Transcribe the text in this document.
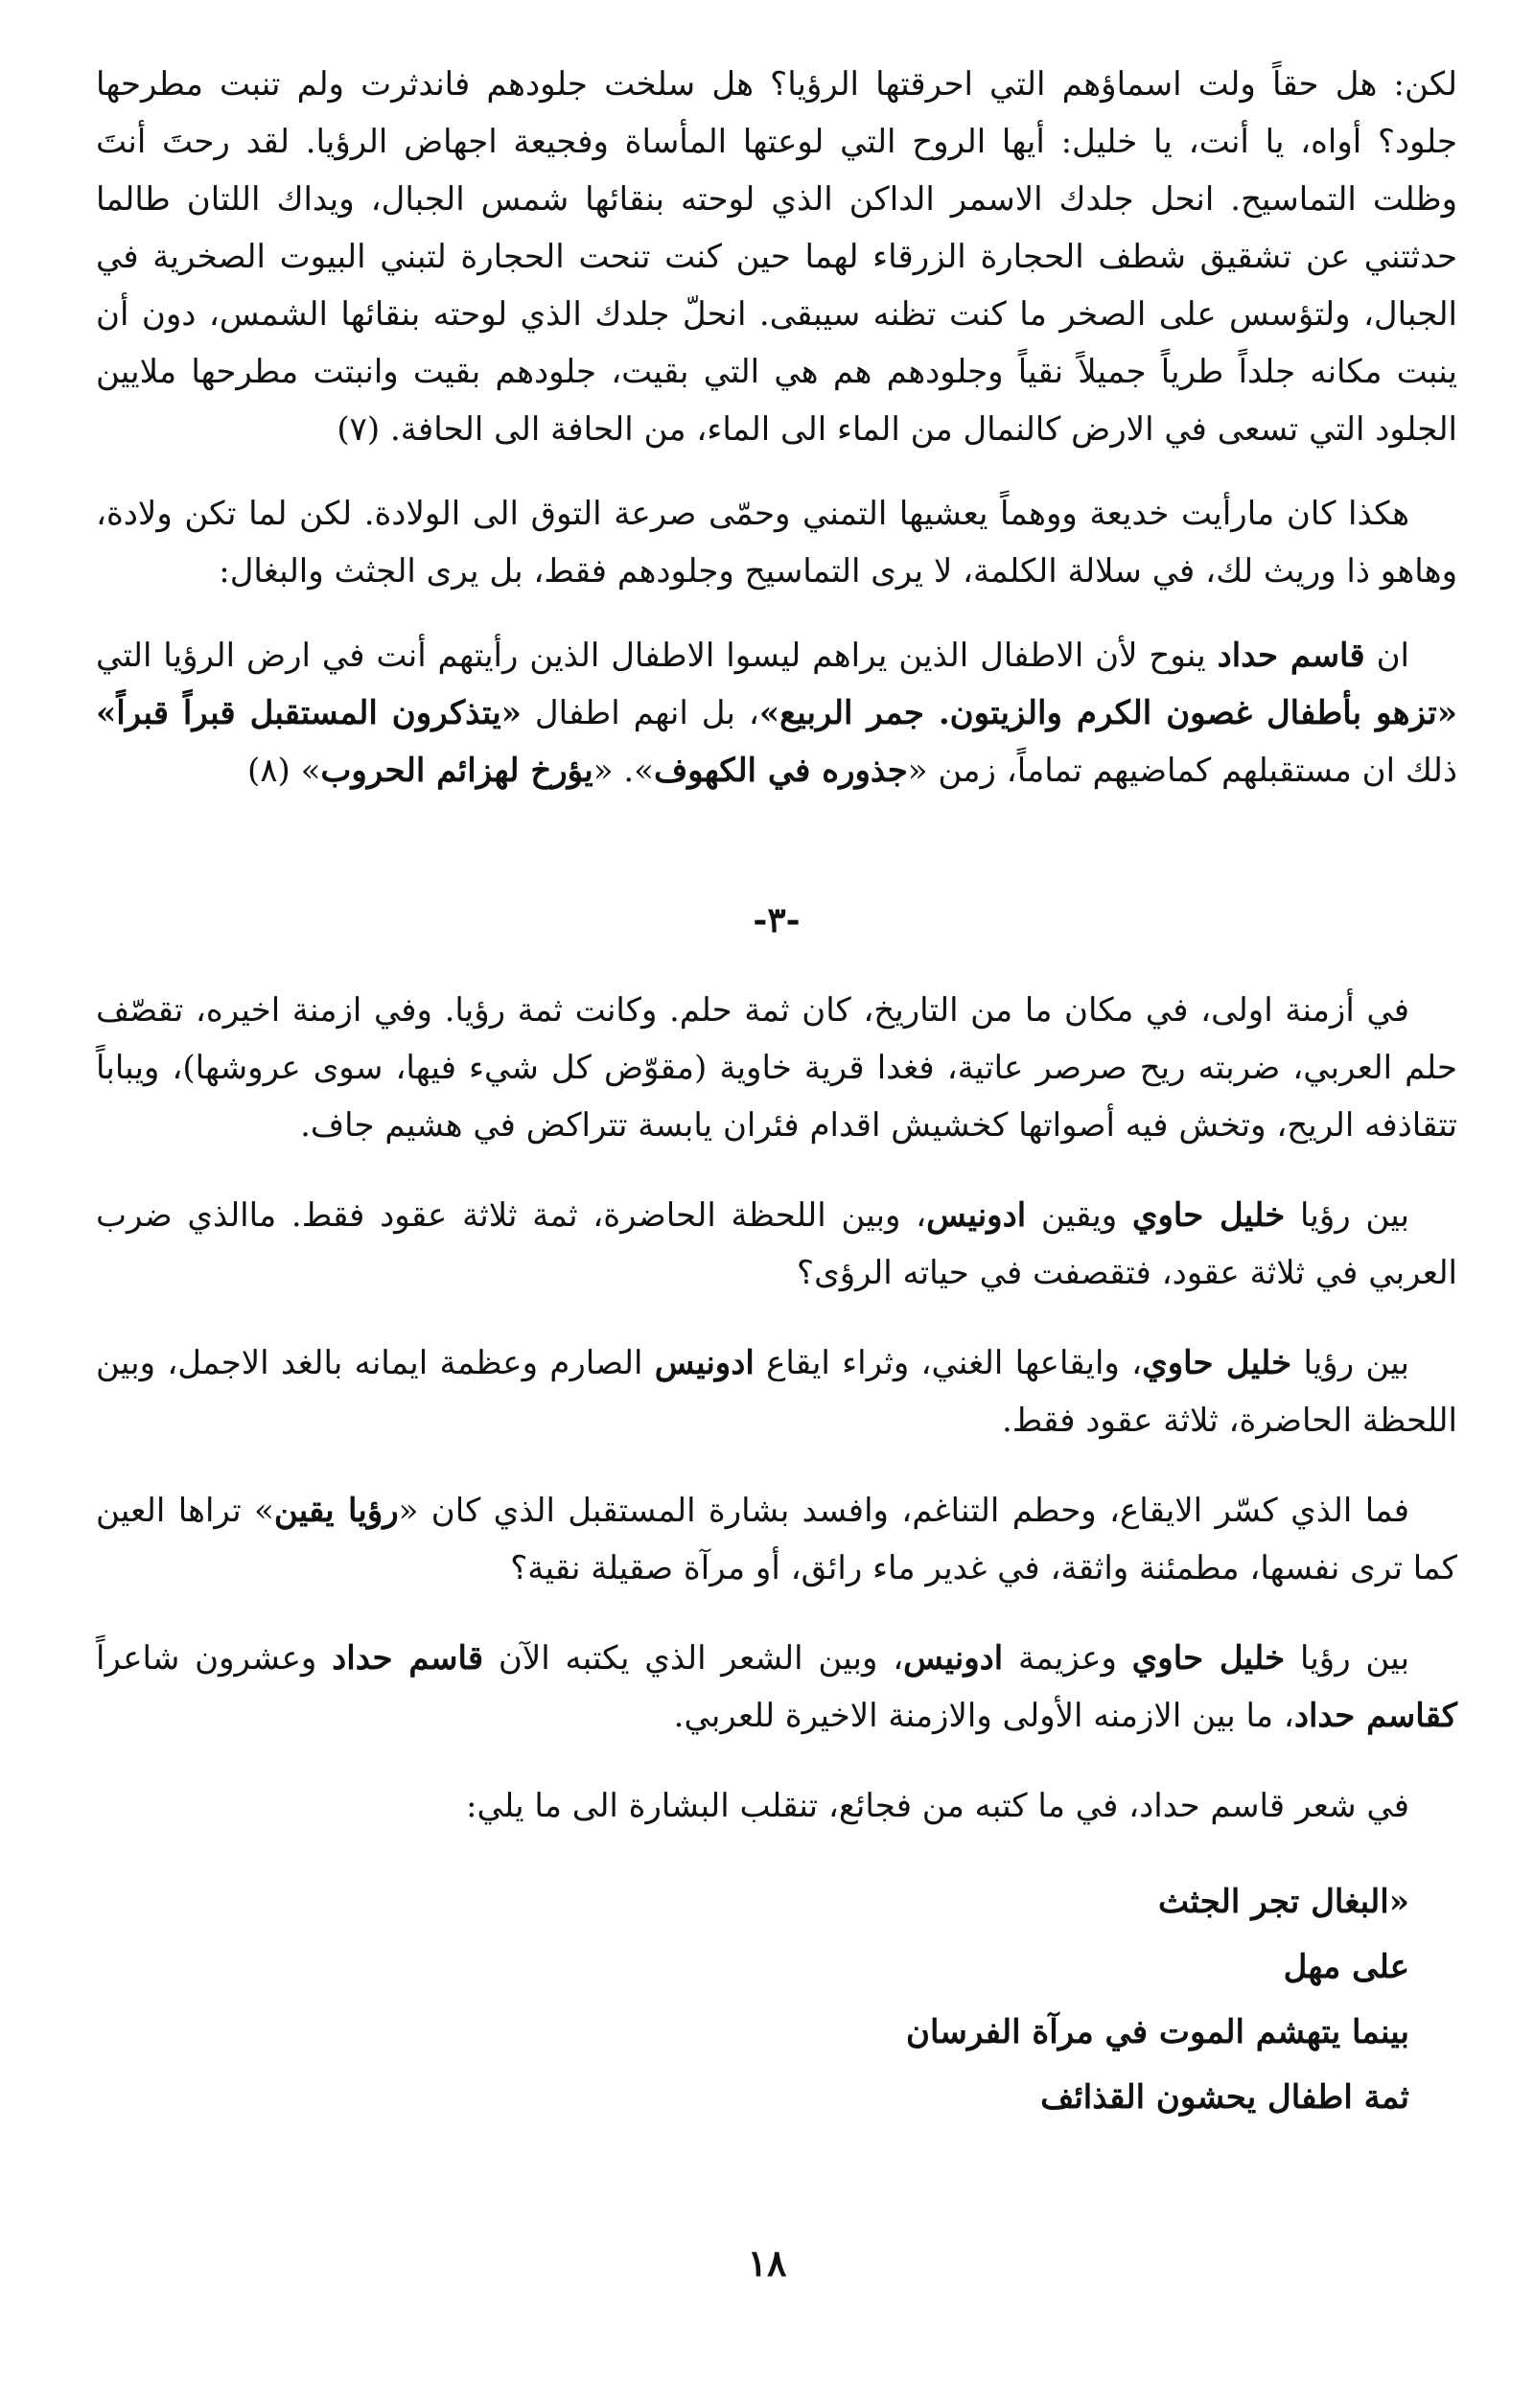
لكن: هل حقاً ولت اسماؤهم التي احرقتها الرؤيا؟ هل سلخت جلودهم فاندثرت ولم تنبت مطرحها جلود؟ أواه، يا أنت، يا خليل: أيها الروح التي لوعتها المأساة وفجيعة اجهاض الرؤيا. لقد رحتَ أنتَ وظلت التماسيح. انحل جلدك الاسمر الداكن الذي لوحته بنقائها شمس الجبال، ويداك اللتان طالما حدثتني عن تشقيق شطف الحجارة الزرقاء لهما حين كنت تنحت الحجارة لتبني البيوت الصخرية في الجبال، ولتؤسس على الصخر ما كنت تظنه سيبقى. انحلّ جلدك الذي لوحته بنقائها الشمس، دون أن ينبت مكانه جلداً طرياً جميلاً نقياً وجلودهم هم هي التي بقيت، جلودهم بقيت وانبتت مطرحها ملايين الجلود التي تسعى في الارض كالنمال من الماء الى الماء، من الحافة الى الحافة. (٧)

هكذا كان مارأيت خديعة ووهماً يعشيها التمني وحمّى صرعة التوق الى الولادة. لكن لما تكن ولادة، وهاهو ذا وريث لك، في سلالة الكلمة، لا يرى التماسيح وجلودهم فقط، بل يرى الجثث والبغال:

ان قاسم حداد ينوح لأن الاطفال الذين يراهم ليسوا الاطفال الذين رأيتهم أنت في ارض الرؤيا التي «تزهو بأطفال غصون الكرم والزيتون. جمر الربيع»، بل انهم اطفال «يتذكرون المستقبل قبراً قبراً» ذلك ان مستقبلهم كماضيهم تماماً، زمن «جذوره في الكهوف». «يؤرخ لهزائم الحروب» (٨)

-٣-

في أزمنة اولى، في مكان ما من التاريخ، كان ثمة حلم. وكانت ثمة رؤيا. وفي ازمنة اخيره، تقصّف حلم العربي، ضربته ريح صرصر عاتية، فغدا قرية خاوية (مقوّض كل شيء فيها، سوى عروشها)، ويباباً تتقاذفه الريح، وتخش فيه أصواتها كخشيش اقدام فئران يابسة تتراكض في هشيم جاف.

بين رؤيا خليل حاوي ويقين ادونيس، وبين اللحظة الحاضرة، ثمة ثلاثة عقود فقط. ماالذي ضرب العربي في ثلاثة عقود، فتقصفت في حياته الرؤى؟

بين رؤيا خليل حاوي، وايقاعها الغني، وثراء ايقاع ادونيس الصارم وعظمة ايمانه بالغد الاجمل، وبين اللحظة الحاضرة، ثلاثة عقود فقط.

فما الذي كسّر الايقاع، وحطم التناغم، وافسد بشارة المستقبل الذي كان «رؤيا يقين» تراها العين كما ترى نفسها، مطمئنة واثقة، في غدير ماء رائق، أو مرآة صقيلة نقية؟

بين رؤيا خليل حاوي وعزيمة ادونيس، وبين الشعر الذي يكتبه الآن قاسم حداد وعشرون شاعراً كقاسم حداد، ما بين الازمنه الأولى والازمنة الاخيرة للعربي.

في شعر قاسم حداد، في ما كتبه من فجائع، تنقلب البشارة الى ما يلي:

«البغال تجر الجثث

على مهل

بينما يتهشم الموت في مرآة الفرسان

ثمة اطفال يحشون القذائف

١٨
